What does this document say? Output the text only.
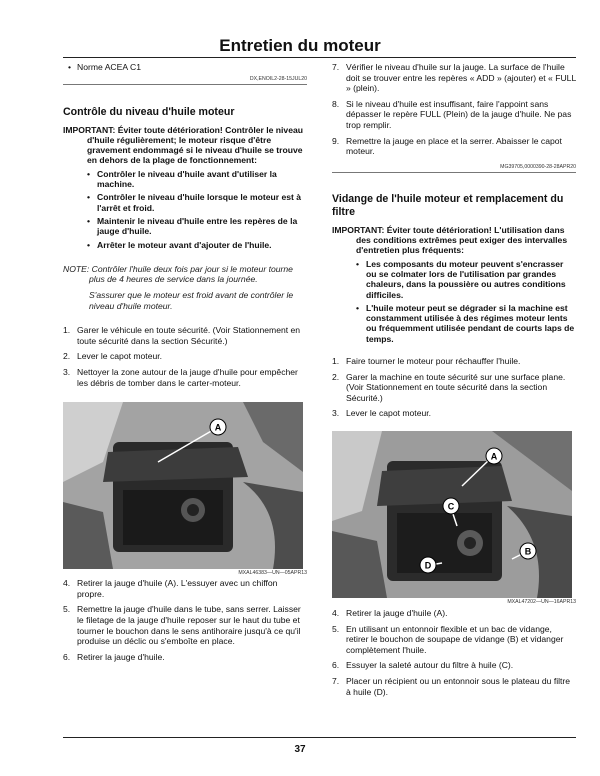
Entretien du moteur
• Norme ACEA C1
DX,ENOIL2-28-15JUL20
Contrôle du niveau d'huile moteur
IMPORTANT: Éviter toute détérioration! Contrôler le niveau d'huile régulièrement; le moteur risque d'être gravement endommagé si le niveau d'huile se trouve en dehors de la plage de fonctionnement:
• Contrôler le niveau d'huile avant d'utiliser la machine.
• Contrôler le niveau d'huile lorsque le moteur est à l'arrêt et froid.
• Maintenir le niveau d'huile entre les repères de la jauge d'huile.
• Arrêter le moteur avant d'ajouter de l'huile.
NOTE: Contrôler l'huile deux fois par jour si le moteur tourne plus de 4 heures de service dans la journée.
S'assurer que le moteur est froid avant de contrôler le niveau d'huile moteur.
1. Garer le véhicule en toute sécurité. (Voir Stationnement en toute sécurité dans la section Sécurité.)
2. Lever le capot moteur.
3. Nettoyer la zone autour de la jauge d'huile pour empêcher les débris de tomber dans le carter-moteur.
A
MXAL46383—UN—05APR13
4. Retirer la jauge d'huile (A). L'essuyer avec un chiffon propre.
5. Remettre la jauge d'huile dans le tube, sans serrer. Laisser le filetage de la jauge d'huile reposer sur le haut du tube et tourner le bouchon dans le sens antihoraire jusqu'à ce qu'il produise un déclic ou s'emboîte en place.
6. Retirer la jauge d'huile.
7. Vérifier le niveau d'huile sur la jauge. La surface de l'huile doit se trouver entre les repères « ADD » (ajouter) et « FULL » (plein).
8. Si le niveau d'huile est insuffisant, faire l'appoint sans dépasser le repère FULL (Plein) de la jauge d'huile. Ne pas trop remplir.
9. Remettre la jauge en place et la serrer. Abaisser le capot moteur.
MG39705,0000390-28-28APR20
Vidange de l'huile moteur et remplacement du filtre
IMPORTANT: Éviter toute détérioration! L'utilisation dans des conditions extrêmes peut exiger des intervalles d'entretien plus fréquents:
• Les composants du moteur peuvent s'encrasser ou se colmater lors de l'utilisation par grandes chaleurs, dans la poussière ou autres conditions difficiles.
• L'huile moteur peut se dégrader si la machine est constamment utilisée à des régimes moteur lents ou fréquemment utilisée pendant de courts laps de temps.
1. Faire tourner le moteur pour réchauffer l'huile.
2. Garer la machine en toute sécurité sur une surface plane. (Voir Stationnement en toute sécurité dans la section Sécurité.)
3. Lever le capot moteur.
A
C
B
D
MXAL47202—UN—16APR13
4. Retirer la jauge d'huile (A).
5. En utilisant un entonnoir flexible et un bac de vidange, retirer le bouchon de soupape de vidange (B) et vidanger complètement l'huile.
6. Essuyer la saleté autour du filtre à huile (C).
7. Placer un récipient ou un entonnoir sous le plateau du filtre à huile (D).
37
